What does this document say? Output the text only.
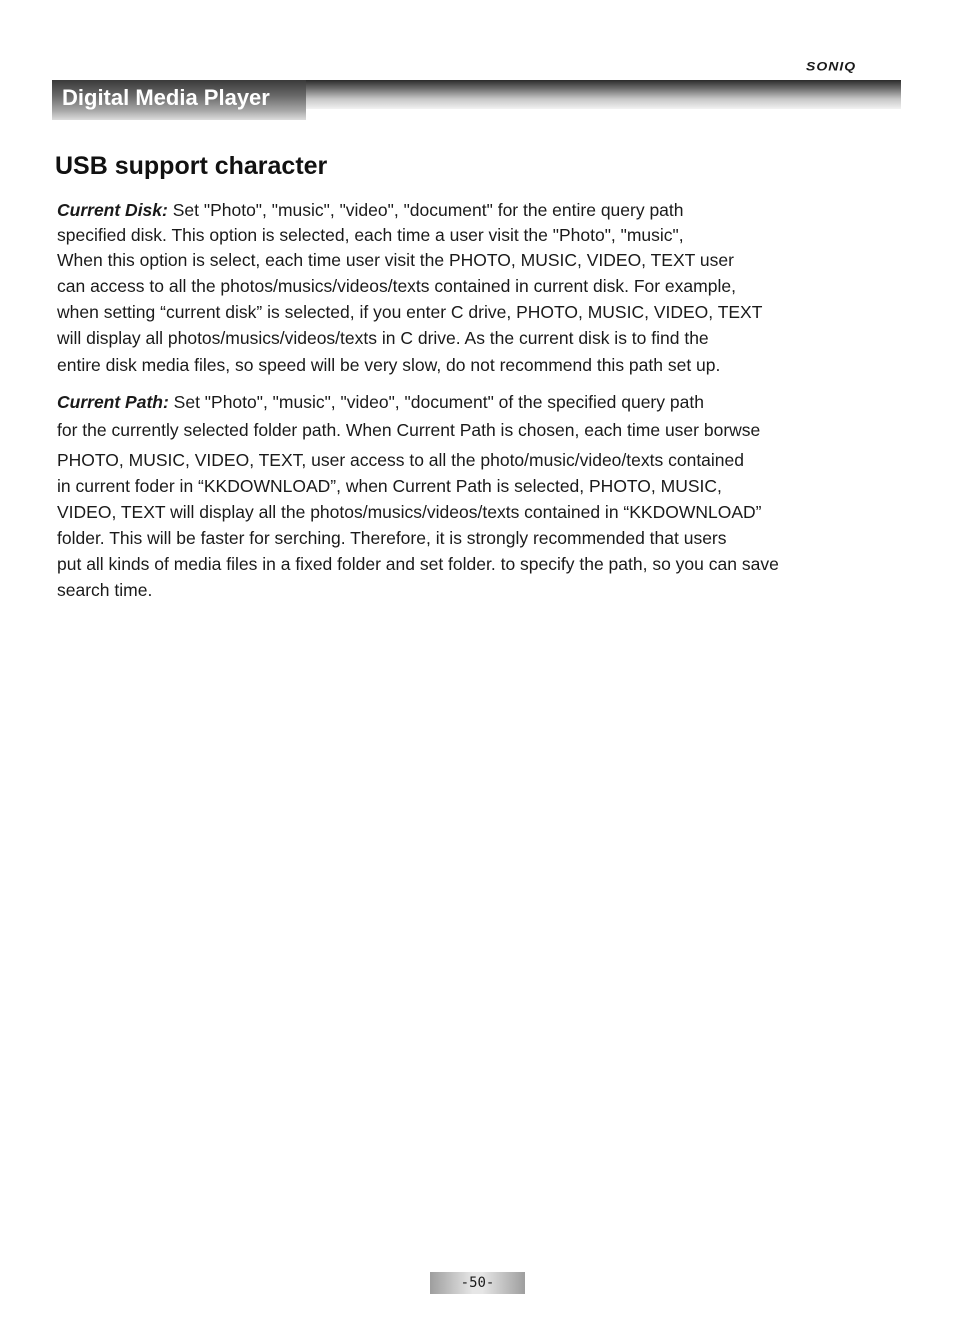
SONIQ
Digital Media Player
USB support character
Current Disk: Set "Photo", "music", "video", "document" for the entire query path
specified disk. This option is selected, each time a user visit the "Photo", "music",
When this option is select, each time user visit the PHOTO, MUSIC, VIDEO, TEXT user
can access to all the photos/musics/videos/texts contained in current disk. For example,
when setting “current disk” is selected, if you enter C drive, PHOTO, MUSIC, VIDEO, TEXT
will display all photos/musics/videos/texts in C drive. As the current disk is to find the
entire disk media files, so speed will be very slow, do not recommend this path set up.
Current Path: Set "Photo", "music", "video", "document" of the specified query path
for the currently selected folder path. When Current Path is chosen, each time user borwse
PHOTO, MUSIC, VIDEO, TEXT, user access to all the photo/music/video/texts contained
in current foder in “KKDOWNLOAD”, when Current Path is selected, PHOTO, MUSIC,
VIDEO, TEXT will display all the photos/musics/videos/texts contained in “KKDOWNLOAD”
folder. This will be faster for serching. Therefore, it is strongly recommended that users
put all kinds of media files in a fixed folder and set folder. to specify the path, so you can save
search time.
-50-
